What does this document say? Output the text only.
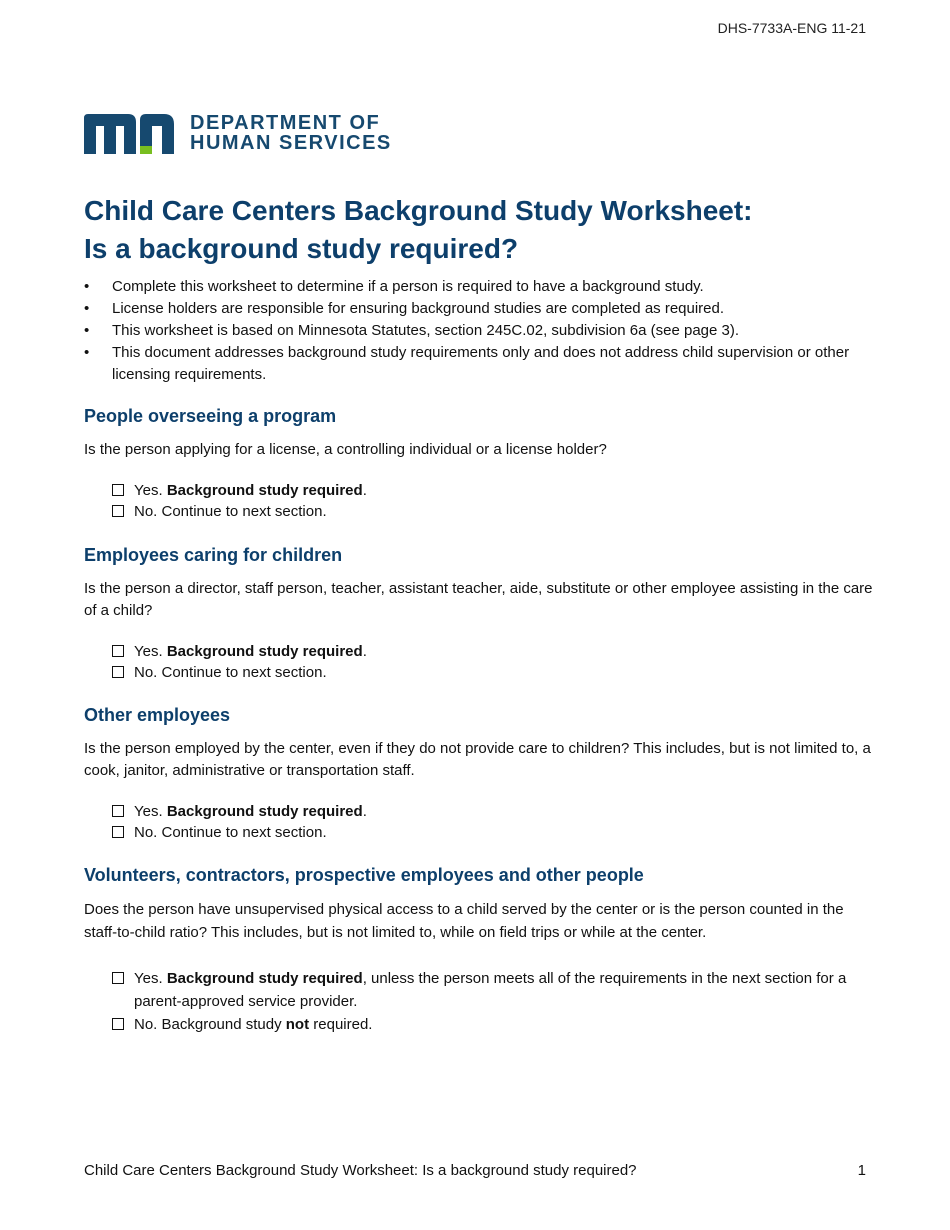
DHS-7733A-ENG 11-21
DEPARTMENT OF
HUMAN SERVICES
Child Care Centers Background Study Worksheet:
Is a background study required?
• Complete this worksheet to determine if a person is required to have a background study.
• License holders are responsible for ensuring background studies are completed as required.
• This worksheet is based on Minnesota Statutes, section 245C.02, subdivision 6a (see page 3).
• This document addresses background study requirements only and does not address child supervision or other licensing requirements.
People overseeing a program

Is the person applying for a license, a controlling individual or a license holder?

Yes. Background study required.
No. Continue to next section.
Employees caring for children

Is the person a director, staff person, teacher, assistant teacher, aide, substitute or other employee assisting in the care of a child?

Yes. Background study required.
No. Continue to next section.
Other employees

Is the person employed by the center, even if they do not provide care to children? This includes, but is not limited to, a cook, janitor, administrative or transportation staff.

Yes. Background study required.
No. Continue to next section.
Volunteers, contractors, prospective employees and other people

Does the person have unsupervised physical access to a child served by the center or is the person counted in the staff-to-child ratio? This includes, but is not limited to, while on field trips or while at the center.

Yes. Background study required, unless the person meets all of the requirements in the next section for a parent-approved service provider.
No. Background study not required.
Child Care Centers Background Study Worksheet: Is a background study required?	1
